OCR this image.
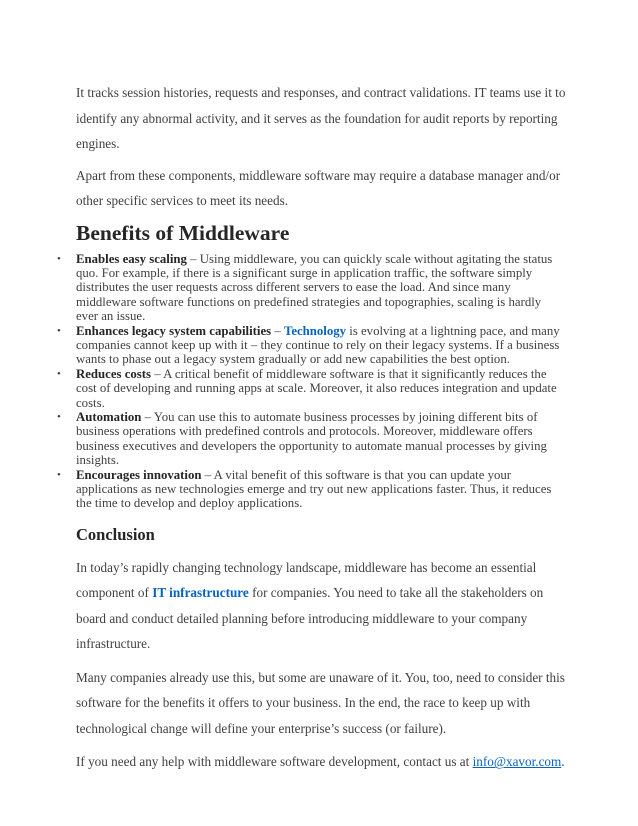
It tracks session histories, requests and responses, and contract validations. IT teams use it to identify any abnormal activity, and it serves as the foundation for audit reports by reporting engines.

Apart from these components, middleware software may require a database manager and/or other specific services to meet its needs.

Benefits of Middleware
• Enables easy scaling – Using middleware, you can quickly scale without agitating the status quo. For example, if there is a significant surge in application traffic, the software simply distributes the user requests across different servers to ease the load. And since many middleware software functions on predefined strategies and topographies, scaling is hardly ever an issue.
• Enhances legacy system capabilities – Technology is evolving at a lightning pace, and many companies cannot keep up with it – they continue to rely on their legacy systems. If a business wants to phase out a legacy system gradually or add new capabilities the best option.
• Reduces costs – A critical benefit of middleware software is that it significantly reduces the cost of developing and running apps at scale. Moreover, it also reduces integration and update costs.
• Automation – You can use this to automate business processes by joining different bits of business operations with predefined controls and protocols. Moreover, middleware offers business executives and developers the opportunity to automate manual processes by giving insights.
• Encourages innovation – A vital benefit of this software is that you can update your applications as new technologies emerge and try out new applications faster. Thus, it reduces the time to develop and deploy applications.
Conclusion

In today’s rapidly changing technology landscape, middleware has become an essential component of IT infrastructure for companies. You need to take all the stakeholders on board and conduct detailed planning before introducing middleware to your company infrastructure.

Many companies already use this, but some are unaware of it. You, too, need to consider this software for the benefits it offers to your business. In the end, the race to keep up with technological change will define your enterprise’s success (or failure).

If you need any help with middleware software development, contact us at info@xavor.com.
